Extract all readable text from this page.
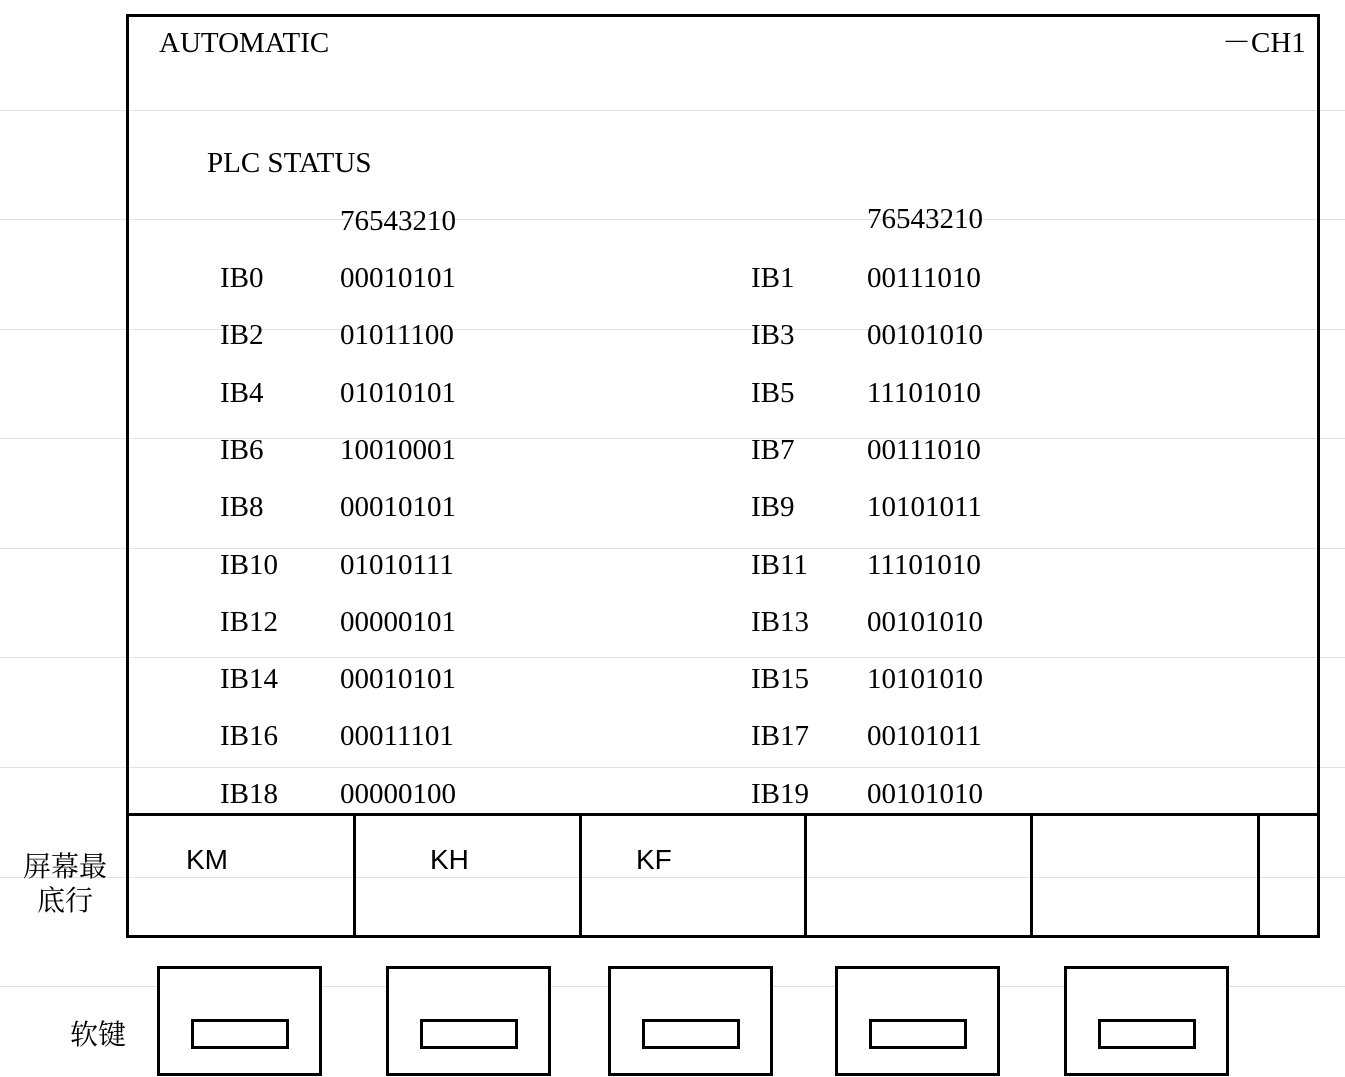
AUTOMATIC	－CH1
PLC STATUS
76543210	76543210
IB0	00010101	IB1	00111010
IB2	01011100	IB3	00101010
IB4	01010101	IB5	11101010
IB6	10010001	IB7	00111010
IB8	00010101	IB9	10101011
IB10 01010111	IB11 11101010
IB12 00000101	IB13 00101010
IB14 00010101	IB15 10101010
IB16 00011101	IB17 00101011
IB18 00000100	IB19 00101010
KM	KH	KF
屏幕最
底行
软键
